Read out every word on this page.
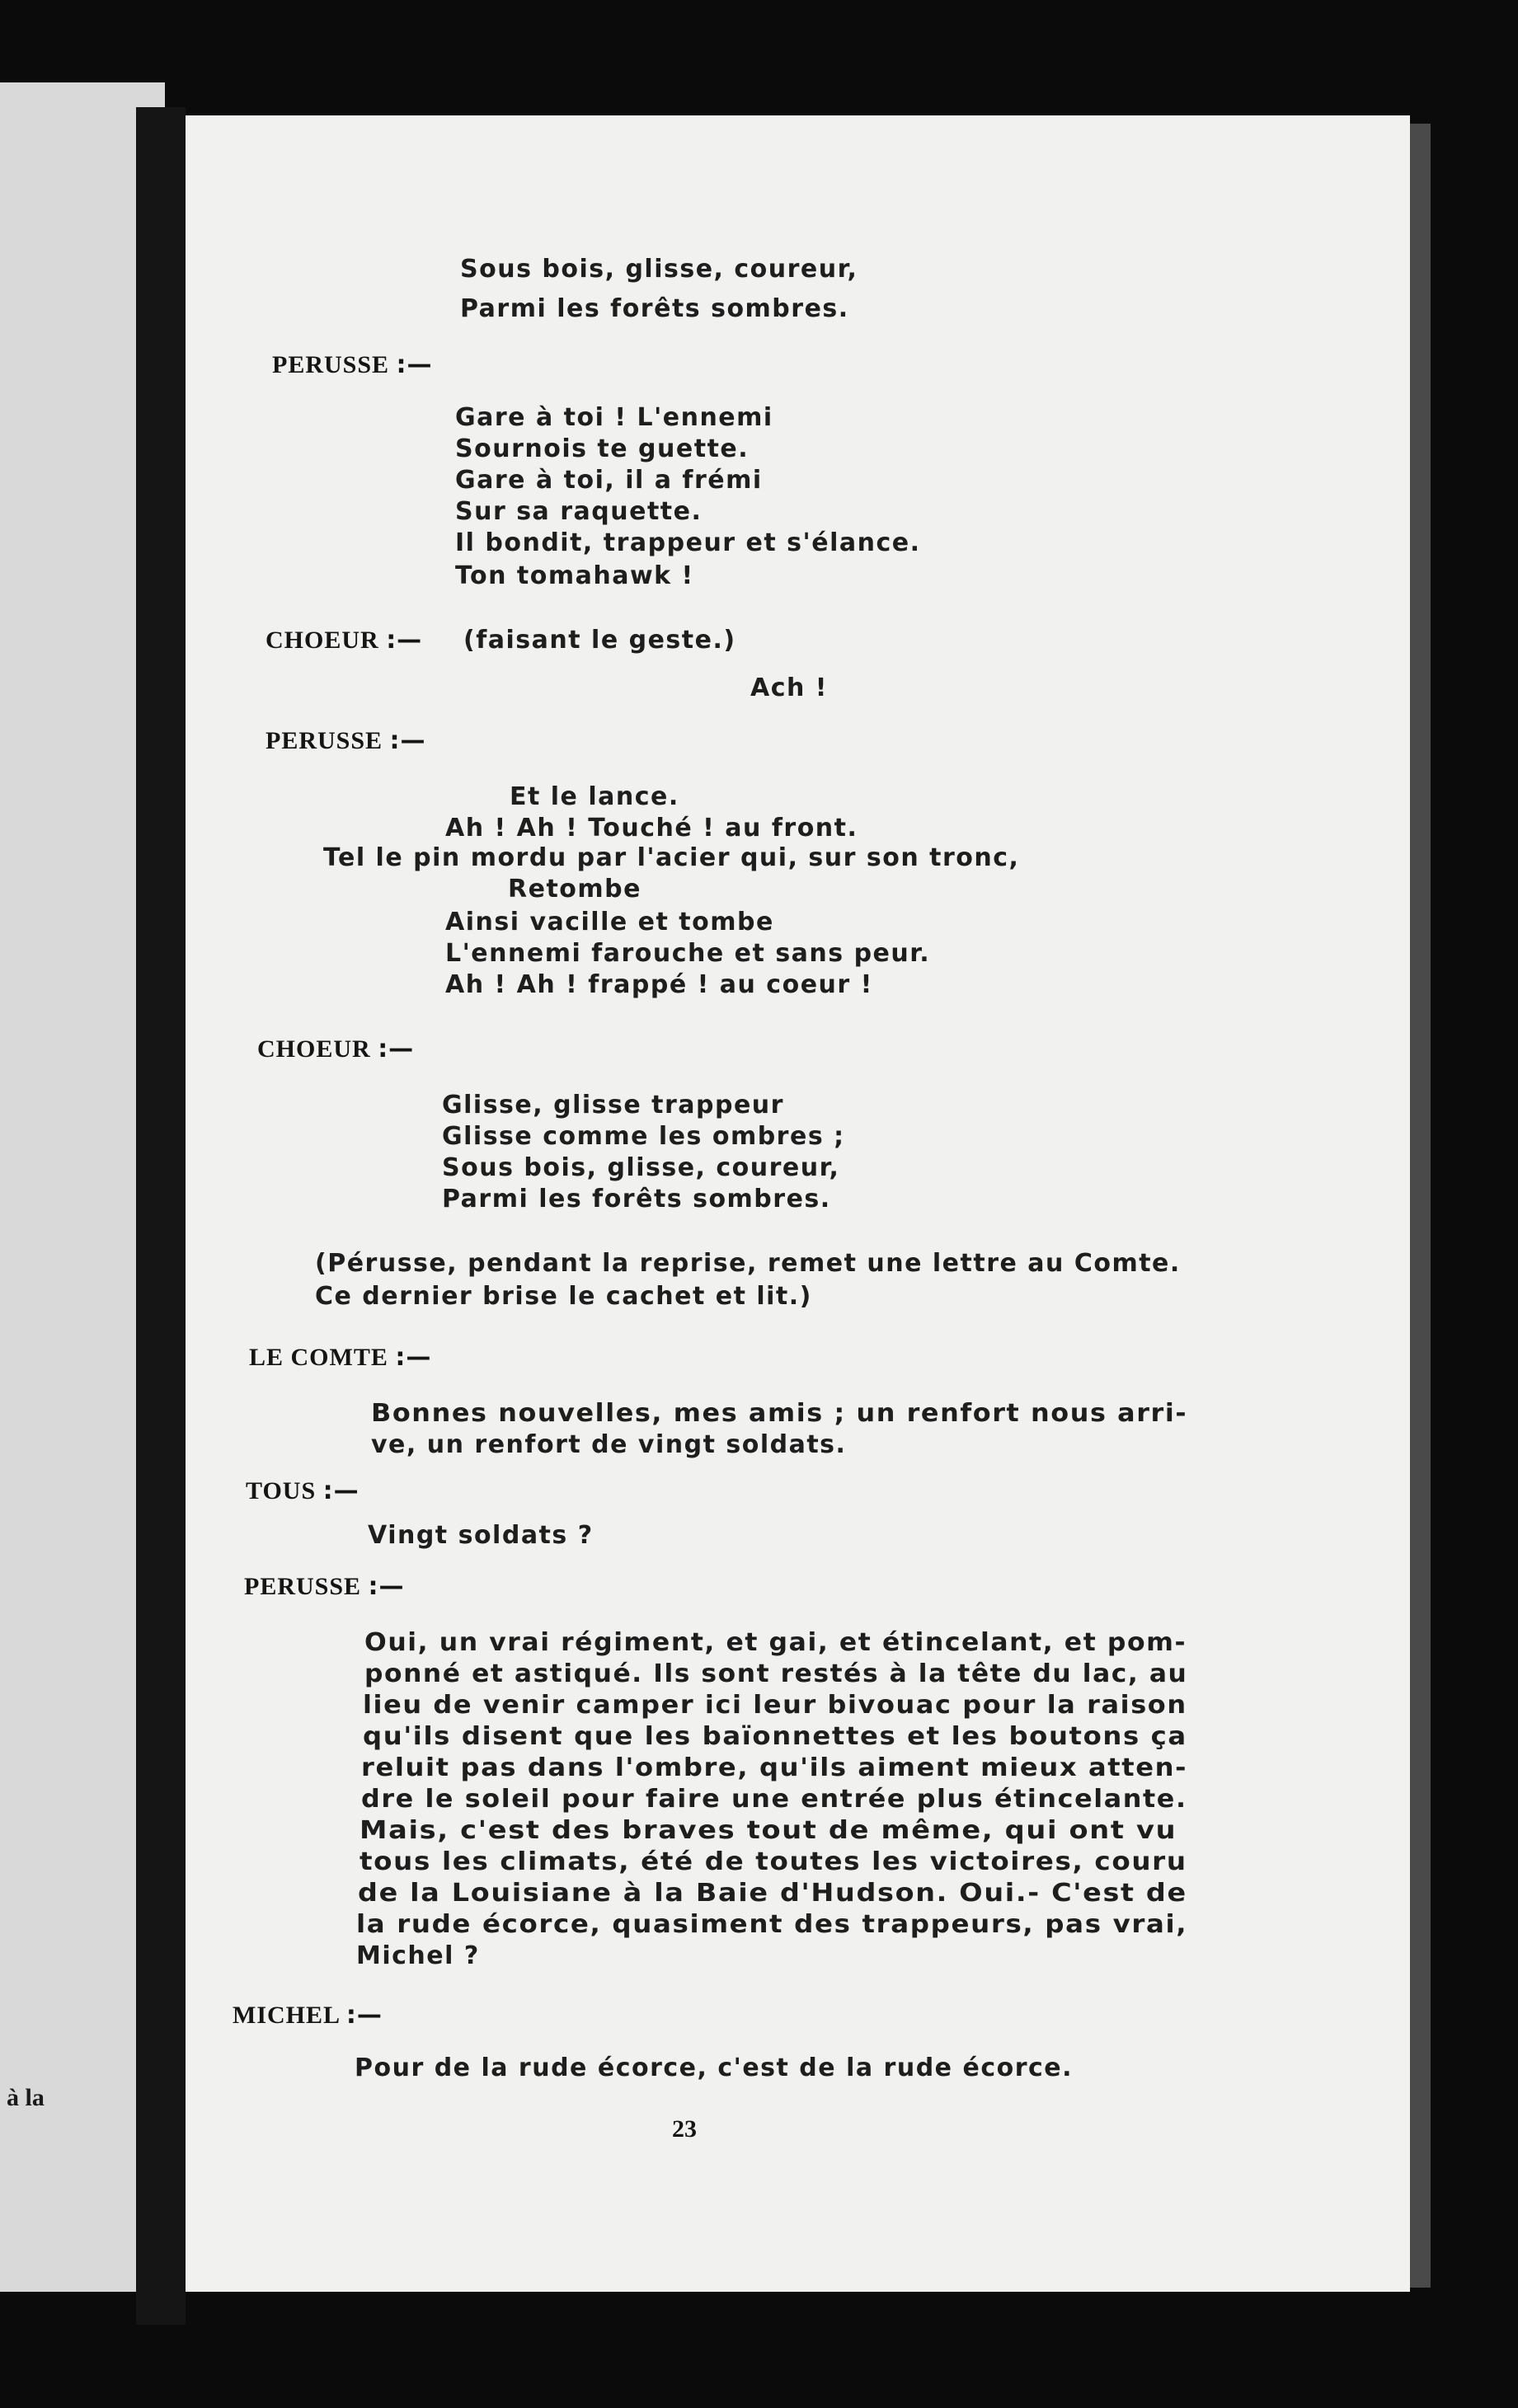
à la
Sous bois, glisse, coureur,
Parmi les forêts sombres.
PERUSSE :—
Gare à toi ! L'ennemi
Sournois te guette.
Gare à toi, il a frémi
Sur sa raquette.
Il bondit, trappeur et s'élance.
Ton tomahawk !
CHOEUR :— (faisant le geste.)
Ach !
PERUSSE :—
Et le lance.
Ah ! Ah ! Touché ! au front.
Tel le pin mordu par l'acier qui, sur son tronc,
Retombe
Ainsi vacille et tombe
L'ennemi farouche et sans peur.
Ah ! Ah ! frappé ! au coeur !
CHOEUR :—
Glisse, glisse trappeur
Glisse comme les ombres ;
Sous bois, glisse, coureur,
Parmi les forêts sombres.
(Pérusse, pendant la reprise, remet une lettre au Comte.
Ce dernier brise le cachet et lit.)
LE COMTE :—
Bonnes nouvelles, mes amis ; un renfort nous arri-
ve, un renfort de vingt soldats.
TOUS :—
Vingt soldats ?
PERUSSE :—
Oui, un vrai régiment, et gai, et étincelant, et pom-
ponné et astiqué. Ils sont restés à la tête du lac, au
lieu de venir camper ici leur bivouac pour la raison
qu'ils disent que les baïonnettes et les boutons ça
reluit pas dans l'ombre, qu'ils aiment mieux atten-
dre le soleil pour faire une entrée plus étincelante.
Mais, c'est des braves tout de même, qui ont vu
tous les climats, été de toutes les victoires, couru
de la Louisiane à la Baie d'Hudson. Oui.- C'est de
la rude écorce, quasiment des trappeurs, pas vrai,
Michel ?
MICHEL :—
Pour de la rude écorce, c'est de la rude écorce.
23
